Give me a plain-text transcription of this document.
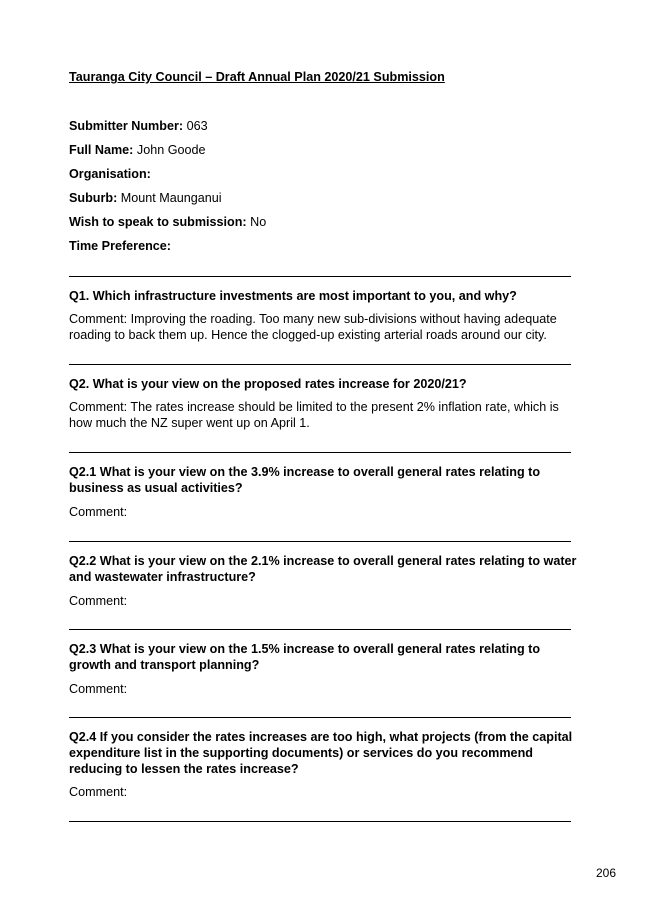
Tauranga City Council – Draft Annual Plan 2020/21 Submission
Submitter Number: 063
Full Name: John Goode
Organisation:
Suburb: Mount Maunganui
Wish to speak to submission: No
Time Preference:
Q1. Which infrastructure investments are most important to you, and why?
Comment: Improving the roading. Too many new sub-divisions without having adequate roading to back them up. Hence the clogged-up existing arterial roads around our city.
Q2. What is your view on the proposed rates increase for 2020/21?
Comment: The rates increase should be limited to the present 2% inflation rate, which is how much the NZ super went up on April 1.
Q2.1 What is your view on the 3.9% increase to overall general rates relating to business as usual activities?
Comment:
Q2.2 What is your view on the 2.1% increase to overall general rates relating to water and wastewater infrastructure?
Comment:
Q2.3 What is your view on the 1.5% increase to overall general rates relating to growth and transport planning?
Comment:
Q2.4 If you consider the rates increases are too high, what projects (from the capital expenditure list in the supporting documents) or services do you recommend reducing to lessen the rates increase?
Comment:
206
